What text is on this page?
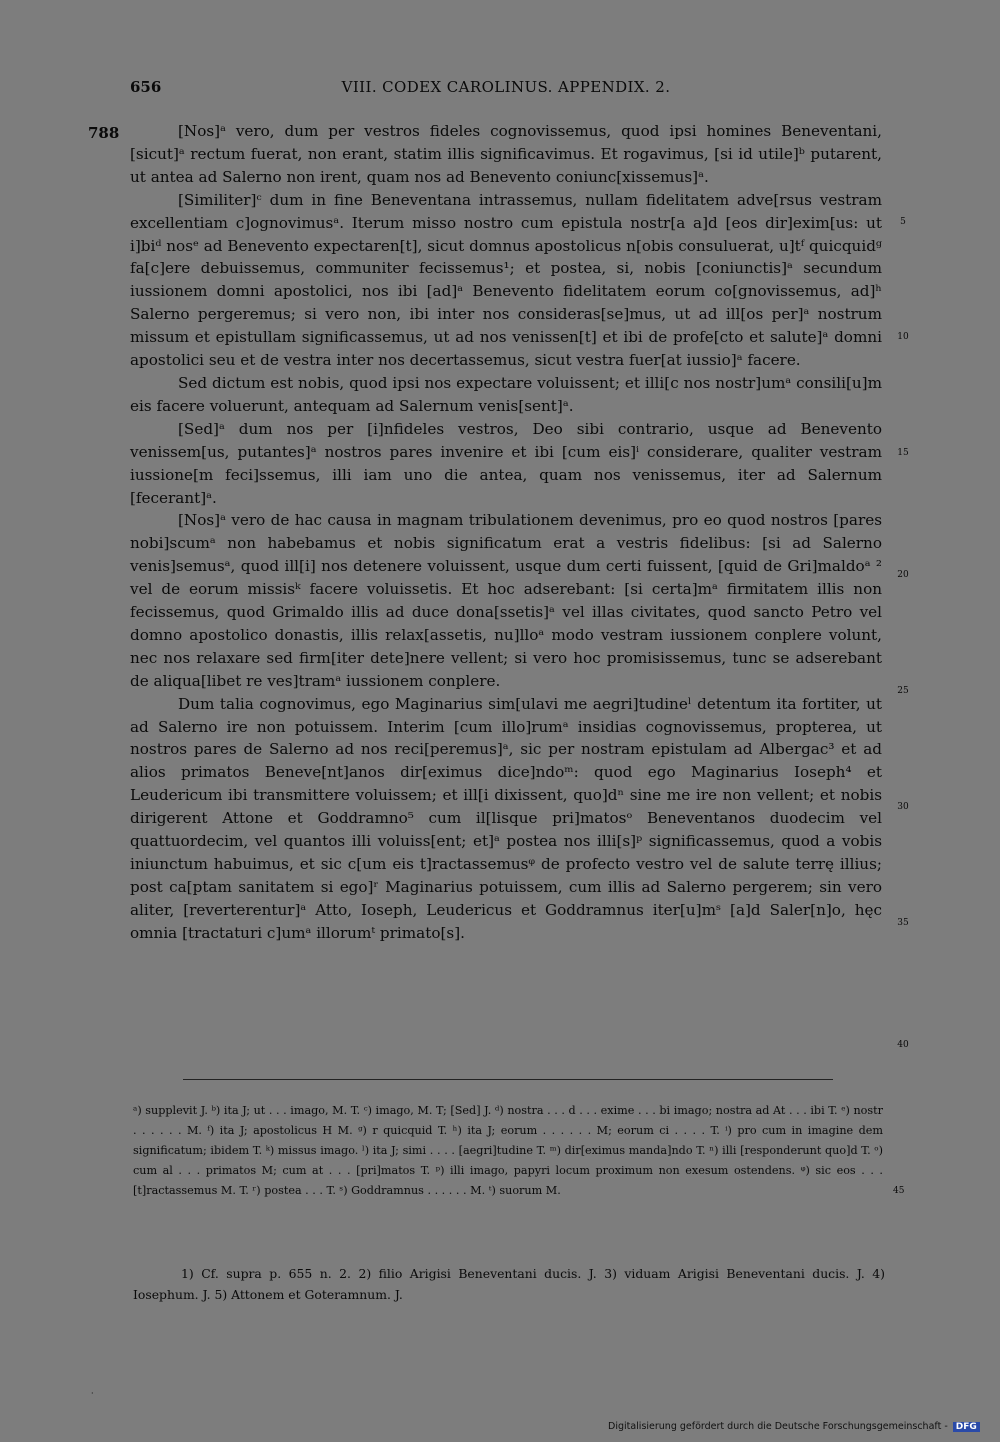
656	VIII. CODEX CAROLINUS. APPENDIX. 2.
788	[Nos]ᵃ vero, dum per vestros fideles cognovissemus, quod ipsi homines Beneventani, [sicut]ᵃ rectum fuerat, non erant, statim illis significavimus. Et rogavimus, [si id utile]ᵇ putarent, ut antea ad Salerno non irent, quam nos ad Benevento coniunc[xissemus]ᵃ.

[Similiter]ᶜ dum in fine Beneventana intrassemus, nullam fidelitatem adve[rsus vestram excellentiam c]ognovimusᵃ. Iterum misso nostro cum epistula nostr[a a]d [eos dir]exim[us: ut i]biᵈ nosᵉ ad Benevento expectaren[t], sicut domnus apostolicus n[obis consuluerat, u]tᶠ quicquidᵍ fa[c]ere debuissemus, communiter fecissemus¹; et postea, si, nobis [coniunctis]ᵃ secundum iussionem domni apostolici, nos ibi [ad]ᵃ Benevento fidelitatem eorum co[gnovissemus, ad]ʰ Salerno pergeremus; si vero non, ibi inter nos consideras[se]mus, ut ad ill[os per]ᵃ nostrum missum et epistullam significassemus, ut ad nos venissen[t] et ibi de profe[cto et salute]ᵃ domni apostolici seu et de vestra inter nos decertassemus, sicut vestra fuer[at iussio]ᵃ facere.

Sed dictum est nobis, quod ipsi nos expectare voluissent; et illi[c nos nostr]umᵃ consili[u]m eis facere voluerunt, antequam ad Salernum venis[sent]ᵃ.

[Sed]ᵃ dum nos per [i]nfideles vestros, Deo sibi contrario, usque ad Benevento venissem[us, putantes]ᵃ nostros pares invenire et ibi [cum eis]ⁱ considerare, qualiter vestram iussione[m feci]ssemus, illi iam uno die antea, quam nos venissemus, iter ad Salernum [fecerant]ᵃ.

[Nos]ᵃ vero de hac causa in magnam tribulationem devenimus, pro eo quod nostros [pares nobi]scumᵃ non habebamus et nobis significatum erat a vestris fidelibus: [si ad Salerno venis]semusᵃ, quod ill[i] nos detenere voluissent, usque dum certi fuissent, [quid de Gri]maldoᵃ ² vel de eorum missisᵏ facere voluissetis. Et hoc adserebant: [si certa]mᵃ firmitatem illis non fecissemus, quod Grimaldo illis ad duce dona[ssetis]ᵃ vel illas civitates, quod sancto Petro vel domno apostolico donastis, illis relax[assetis, nu]lloᵃ modo vestram iussionem conplere volunt, nec nos relaxare sed firm[iter dete]nere vellent; si vero hoc promisissemus, tunc se adserebant de aliqua[libet re ves]tramᵃ iussionem conplere.

Dum talia cognovimus, ego Maginarius sim[ulavi me aegri]tudineˡ detentum ita fortiter, ut ad Salerno ire non potuissem. Interim [cum illo]rumᵃ insidias cognovissemus, propterea, ut nostros pares de Salerno ad nos reci[peremus]ᵃ, sic per nostram epistulam ad Albergac³ et ad alios primatos Beneve[nt]anos dir[eximus dice]ndoᵐ: quod ego Maginarius Ioseph⁴ et Leudericum ibi transmittere voluissem; et ill[i dixissent, quo]dⁿ sine me ire non vellent; et nobis dirigerent Attone et Goddramno⁵ cum il[lisque pri]matosᵒ Beneventanos duodecim vel quattuordecim, vel quantos illi voluiss[ent; et]ᵃ postea nos illi[s]ᵖ significassemus, quod a vobis iniunctum habuimus, et sic c[um eis t]ractassemusᵠ de profecto vestro vel de salute terrę illius; post ca[ptam sanitatem si ego]ʳ Maginarius potuissem, cum illis ad Salerno pergerem; sin vero aliter, [reverterentur]ᵃ Atto, Ioseph, Leudericus et Goddramnus iter[u]mˢ [a]d Saler[n]o, hęc omnia [tractaturi c]umᵃ illorumᵗ primato[s].

5
10
15
20
25
30
35
40

ᵃ) supplevit J. ᵇ) ita J; ut . . . imago, M. T. ᶜ) imago, M. T; [Sed] J. ᵈ) nostra . . . d . . . exime . . . bi imago; nostra ad At . . . ibi T. ᵉ) nostr . . . . . . M. ᶠ) ita J; apostolicus H M. ᵍ) r quicquid T. ʰ) ita J; eorum . . . . . . M; eorum ci . . . . T. ⁱ) pro cum in imagine dem significatum; ibidem T. ᵏ) missus imago. ˡ) ita J; simi . . . . [aegri]tudine T. ᵐ) dir[eximus manda]ndo T. ⁿ) illi [responderunt quo]d T. ᵒ) cum al . . . primatos M; cum at . . . [pri]matos T. ᵖ) illi imago, papyri locum proximum non exesum ostendens. ᵠ) sic eos . . . [t]ractassemus M. T. ʳ) postea . . . T. ˢ) Goddramnus . . . . . . M. ᵗ) suorum M.	45

1) Cf. supra p. 655 n. 2. 2) filio Arigisi Beneventani ducis. J. 3) viduam Arigisi Beneventani ducis. J. 4) Iosephum. J. 5) Attonem et Goteramnum. J.

·
Digitalisierung gefördert durch die Deutsche Forschungsgemeinschaft - DFG
